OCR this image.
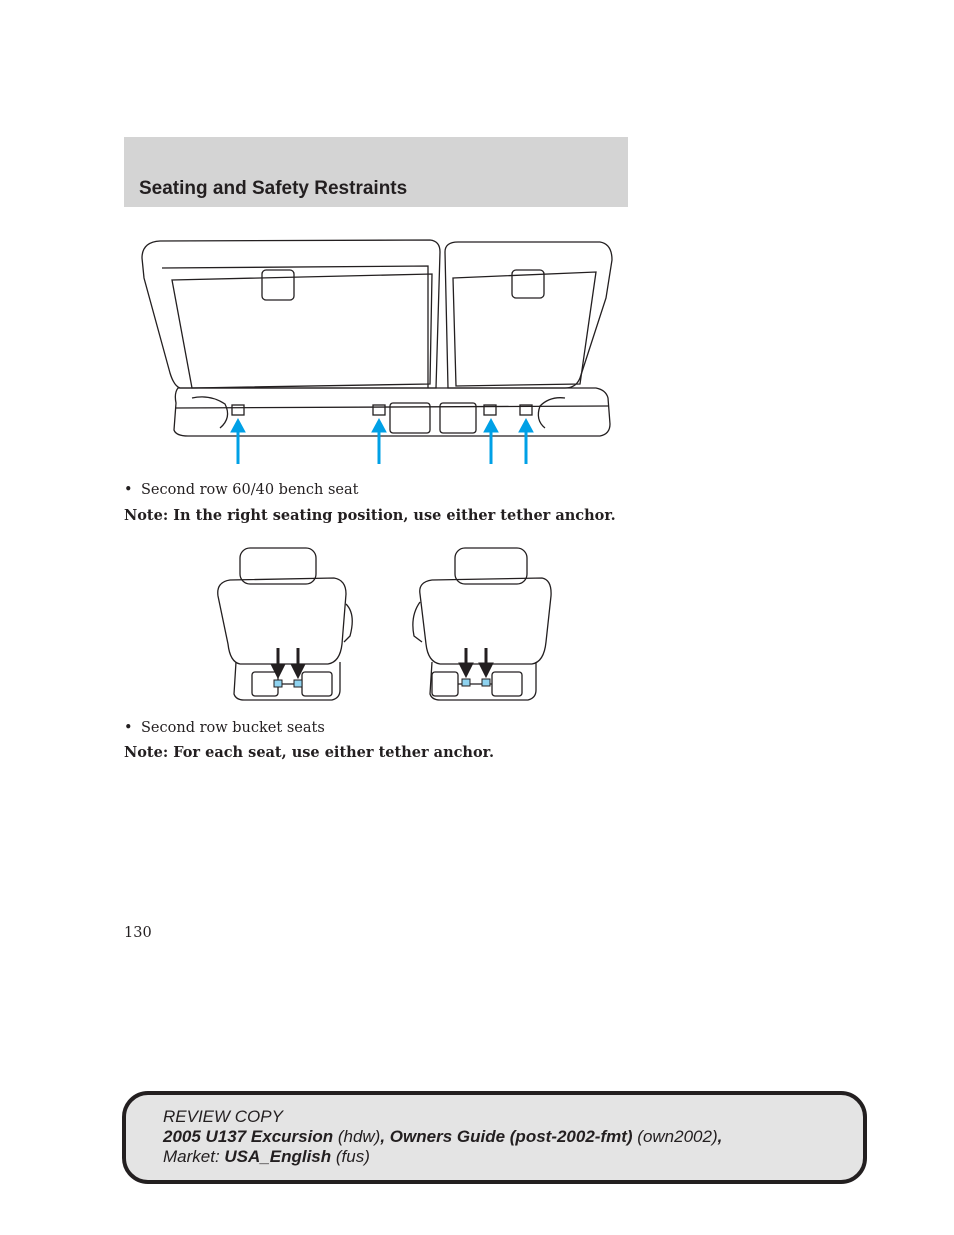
Seating and Safety Restraints
• Second row 60/40 bench seat
Note: In the right seating position, use either tether anchor.
• Second row bucket seats
Note: For each seat, use either tether anchor.
130
REVIEW COPY
2005 U137 Excursion (hdw), Owners Guide (post-2002-fmt) (own2002),
Market: USA_English (fus)
